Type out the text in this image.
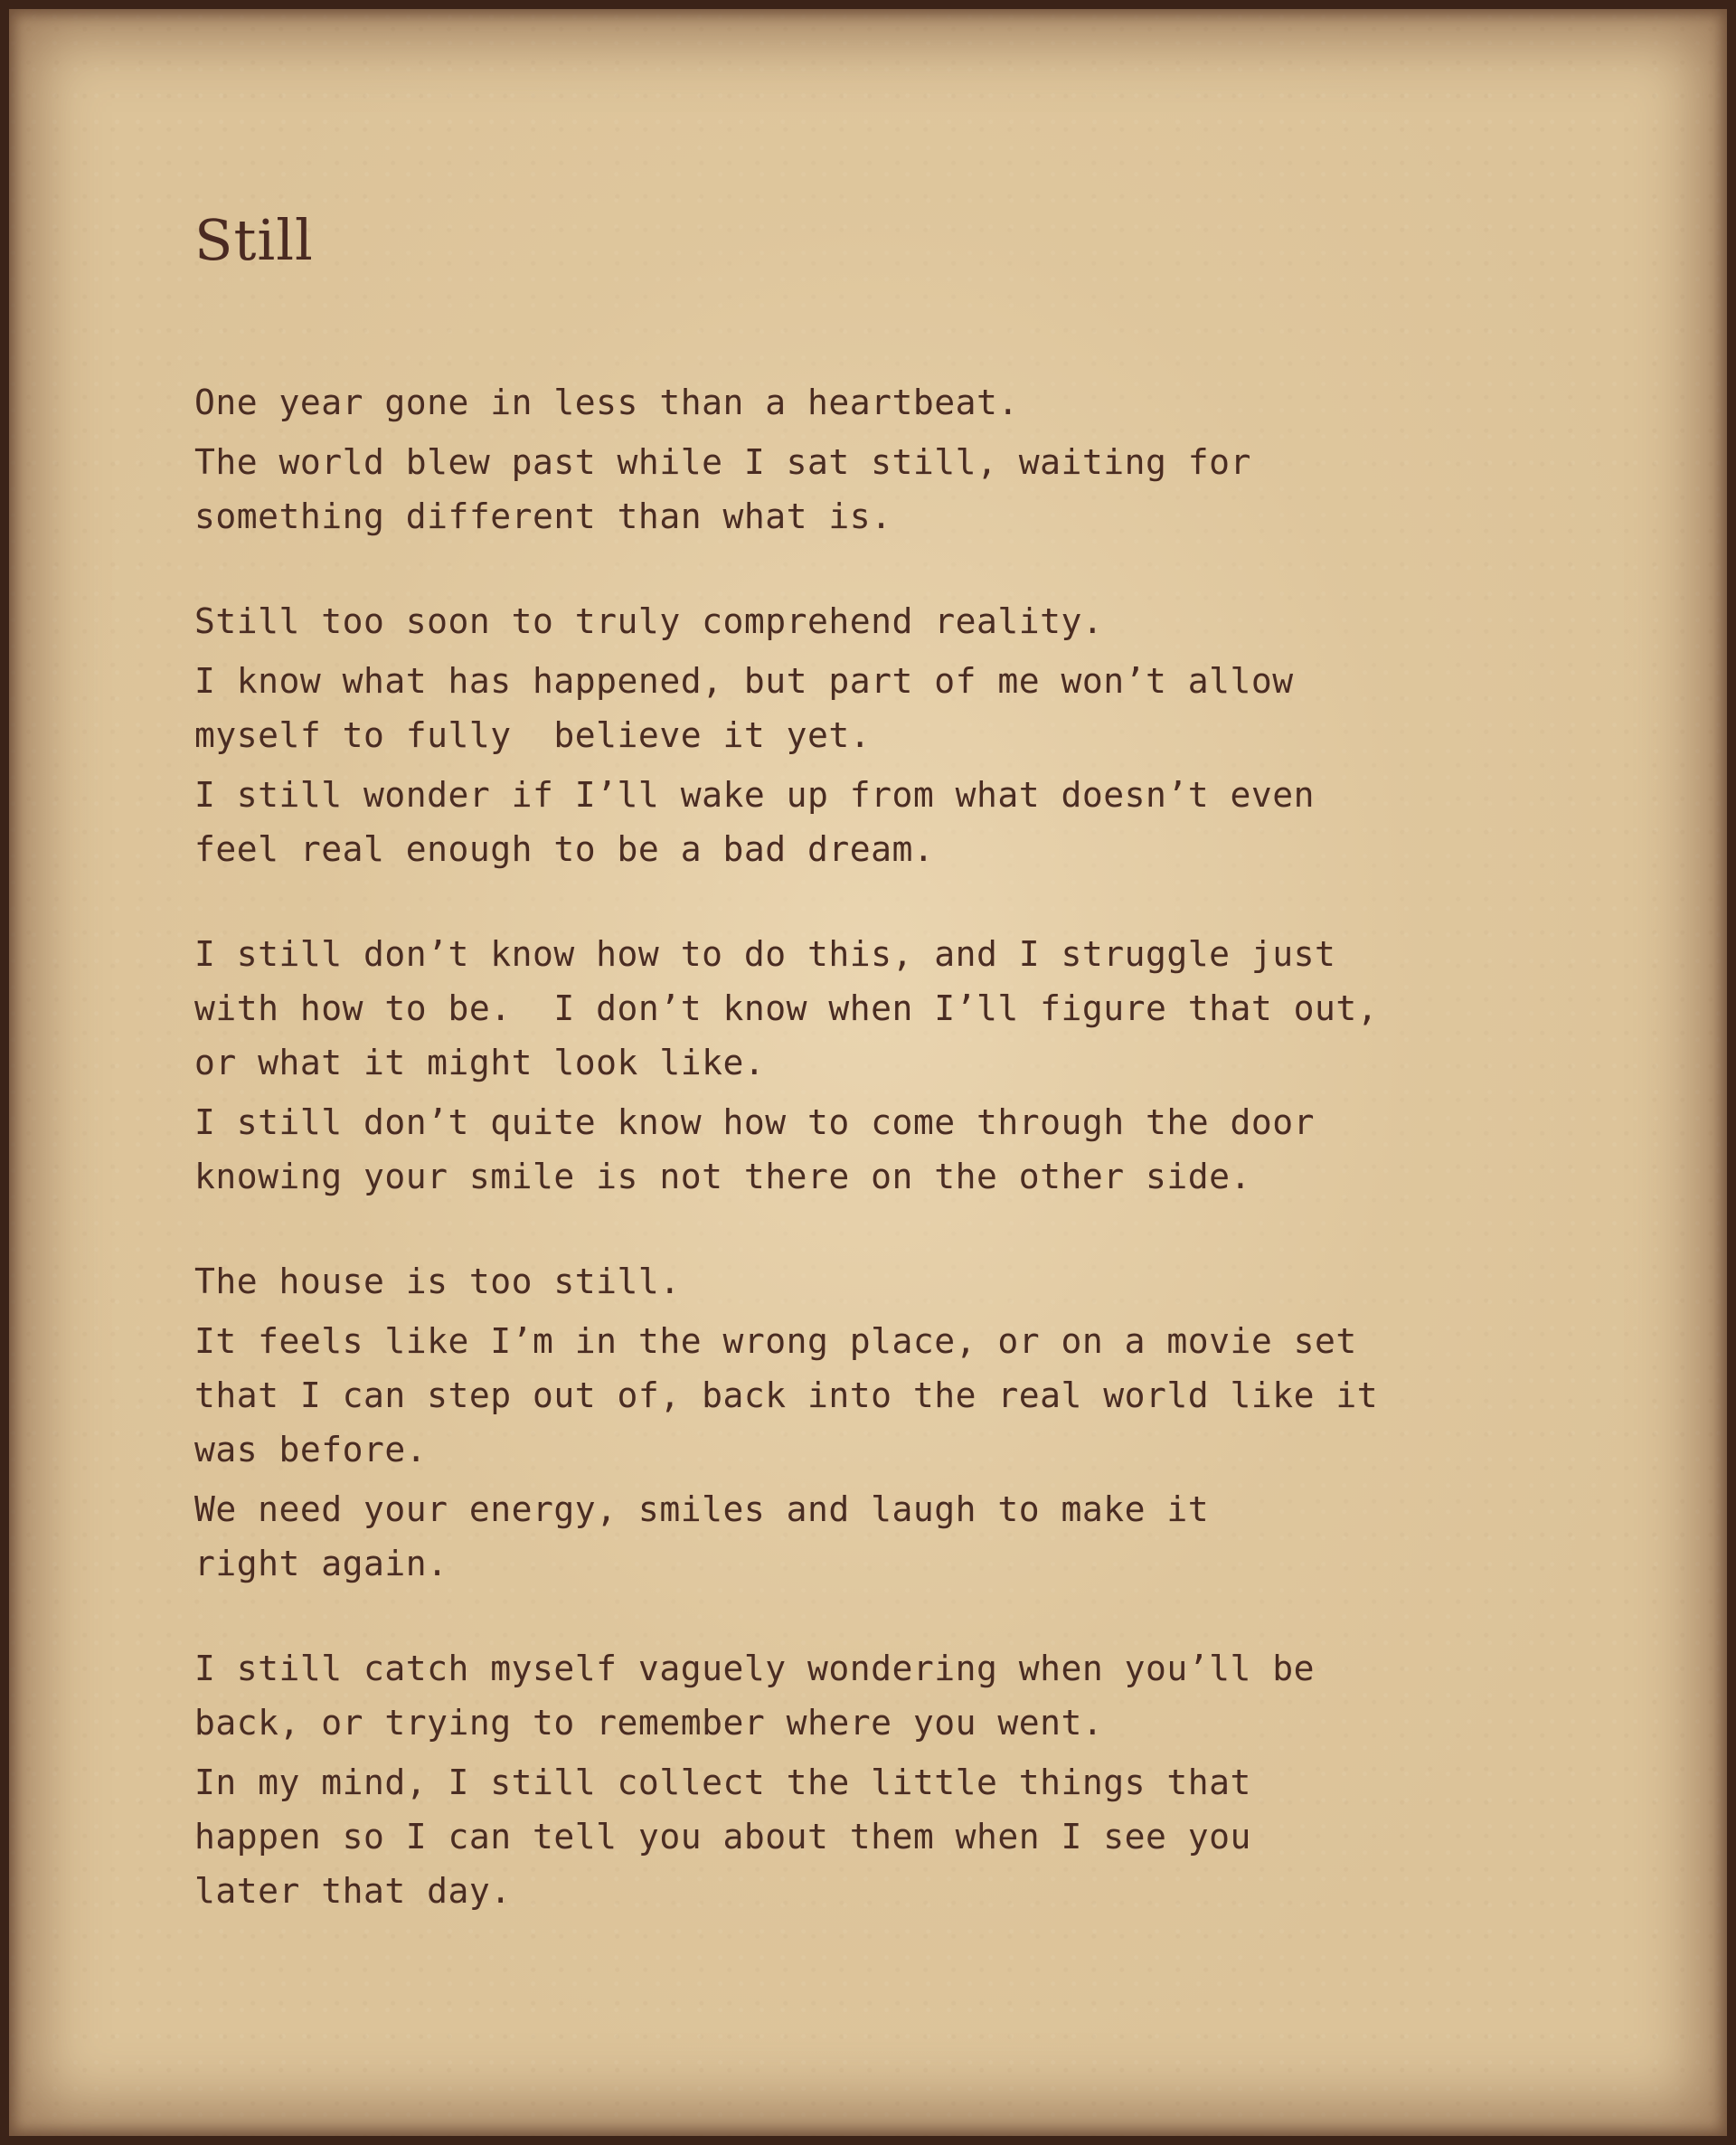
Still

One year gone in less than a heartbeat.

The world blew past while I sat still, waiting for
something different than what is.

Still too soon to truly comprehend reality.

I know what has happened, but part of me won’t allow
myself to fully  believe it yet.

I still wonder if I’ll wake up from what doesn’t even
feel real enough to be a bad dream.

I still don’t know how to do this, and I struggle just
with how to be.  I don’t know when I’ll figure that out,
or what it might look like.

I still don’t quite know how to come through the door
knowing your smile is not there on the other side.

The house is too still.

It feels like I’m in the wrong place, or on a movie set
that I can step out of, back into the real world like it
was before.

We need your energy, smiles and laugh to make it
right again.

I still catch myself vaguely wondering when you’ll be
back, or trying to remember where you went.

In my mind, I still collect the little things that
happen so I can tell you about them when I see you
later that day.
